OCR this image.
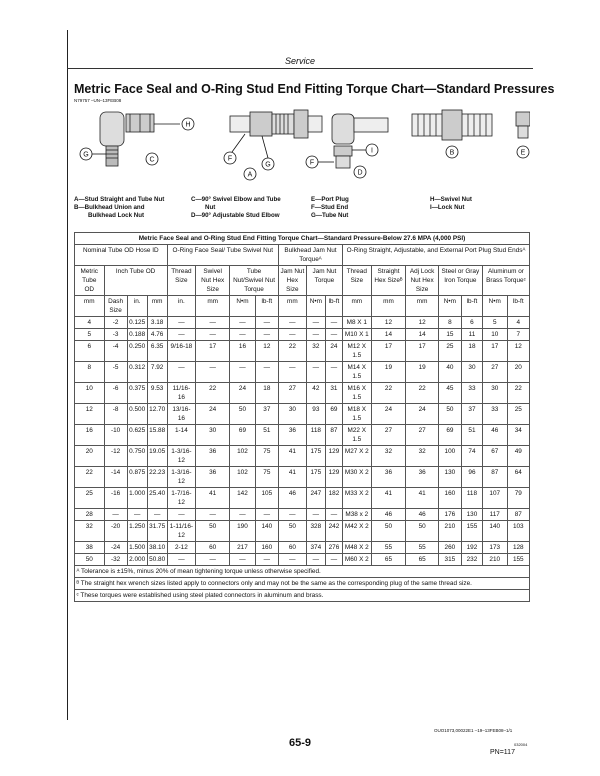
Service
Metric Face Seal and O-Ring Stud End Fitting Torque Chart—Standard Pressures
N79757 –UN–13FEB08
H
G
C	F
G
A
I
F
D
B	E
A—Stud Straight and Tube Nut
B—Bulkhead Union and
Bulkhead Lock Nut
C—90° Swivel Elbow and Tube
Nut
D—90° Adjustable Stud Elbow
E—Port Plug
F—Stud End
G—Tube Nut
H—Swivel Nut
I—Lock Nut
Metric Face Seal and O-Ring Stud End Fitting Torque Chart—Standard Pressure-Below 27.6 MPA (4,000 PSI)																	
Nominal Tube OD Hose ID				O-Ring Face Seal/ Tube Swivel Nut				Bulkhead Jam Nut Torqueᴬ			O-Ring Straight, Adjustable, and External Port Plug Stud Endsᴬ						
Metric Tube OD	Inch Tube OD			Thread Size	Swivel Nut Hex Size	Tube Nut/Swivel Nut Torque		Jam Nut Hex Size	Jam Nut Torque		Thread Size	Straight Hex Sizeᴮ	Adj Lock Nut Hex Size	Steel or Gray Iron Torque		Aluminum or Brass Torqueᶜ	
mm	Dash Size	in.	mm	in.	mm	N•m	lb-ft	mm	N•m	lb-ft	mm	mm	mm	N•m	lb-ft	N•m	lb-ft
4	-2	0.125	3.18	—	—	—	—	—	—	—	M8 X 1	12	12	8	6	5	4
5	-3	0.188	4.76	—	—	—	—	—	—	—	M10 X 1	14	14	15	11	10	7
6	-4	0.250	6.35	9/16-18	17	16	12	22	32	24	M12 X 1.5	17	17	25	18	17	12
8	-5	0.312	7.92	—	—	—	—	—	—	—	M14 X 1.5	19	19	40	30	27	20
10	-6	0.375	9.53	11/16-16	22	24	18	27	42	31	M16 X 1.5	22	22	45	33	30	22
12	-8	0.500	12.70	13/16-16	24	50	37	30	93	69	M18 X 1.5	24	24	50	37	33	25
16	-10	0.625	15.88	1-14	30	69	51	36	118	87	M22 X 1.5	27	27	69	51	46	34
20	-12	0.750	19.05	1-3/16-12	36	102	75	41	175	129	M27 X 2	32	32	100	74	67	49
22	-14	0.875	22.23	1-3/16-12	36	102	75	41	175	129	M30 X 2	36	36	130	96	87	64
25	-16	1.000	25.40	1-7/16-12	41	142	105	46	247	182	M33 X 2	41	41	160	118	107	79
28	—	—	—	—	—	—	—	—	—	—	M38 x 2	46	46	176	130	117	87
32	-20	1.250	31.75	1-11/16-12	50	190	140	50	328	242	M42 X 2	50	50	210	155	140	103
38	-24	1.500	38.10	2-12	60	217	160	60	374	276	M48 X 2	55	55	260	192	173	128
50	-32	2.000	50.80	—	—	—	—	—	—	—	M60 X 2	65	65	315	232	210	155
ᴬ Tolerance is ±15%, minus 20% of mean tightening torque unless otherwise specified.																	
ᴮ The straight hex wrench sizes listed apply to connectors only and may not be the same as the corresponding plug of the same thread size.																	
ᶜ These torques were established using steel plated connectors in aluminum and brass.																	
OUO1073,00022E1 –19–13FEB08–1/1
65-9	032004
PN=117
